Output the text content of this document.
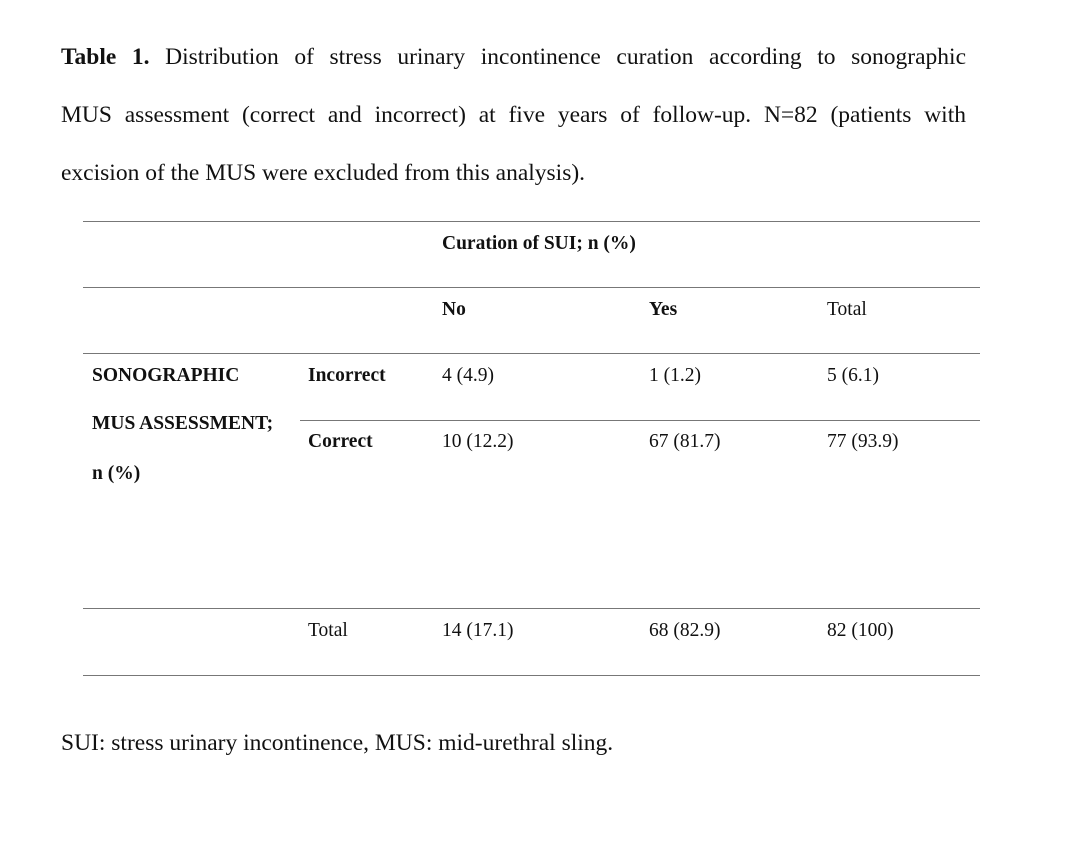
Table 1. Distribution of stress urinary incontinence curation according to sonographic
MUS assessment (correct and incorrect) at five years of follow-up. N=82 (patients with
excision of the MUS were excluded from this analysis).
Curation of SUI; n (%)
No	Yes	Total
SONOGRAPHIC
MUS ASSESSMENT;
n (%)
Incorrect	4 (4.9)	1 (1.2)	5 (6.1)
Correct	10 (12.2)	67 (81.7)	77 (93.9)
Total	14 (17.1)	68 (82.9)	82 (100)
SUI: stress urinary incontinence, MUS: mid-urethral sling.
